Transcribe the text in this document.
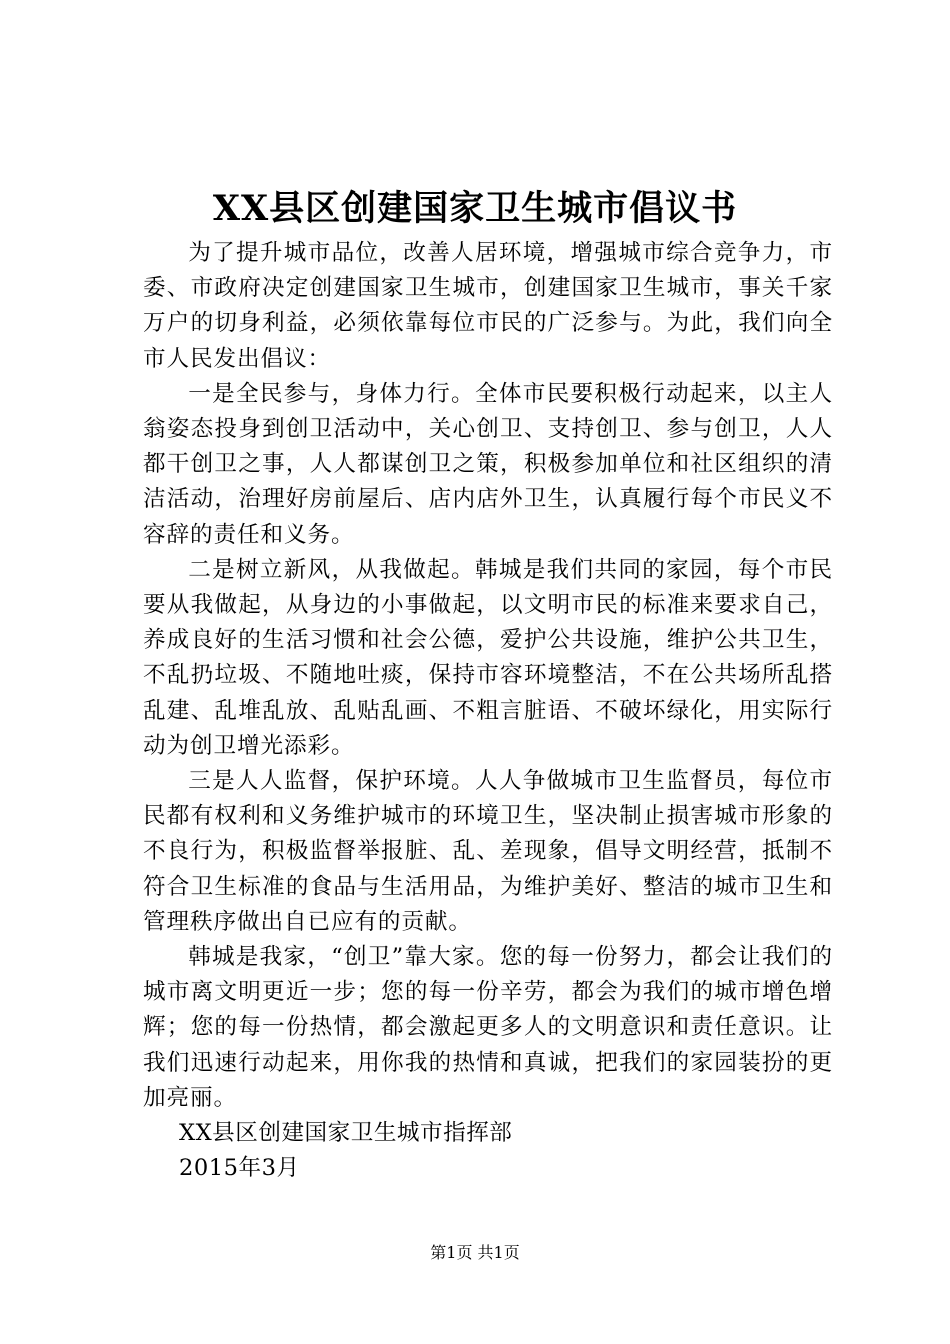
XX县区创建国家卫生城市倡议书

为了提升城市品位，改善人居环境，增强城市综合竞争力，市委、市政府决定创建国家卫生城市，创建国家卫生城市，事关千家万户的切身利益，必须依靠每位市民的广泛参与。为此，我们向全市人民发出倡议：

一是全民参与，身体力行。全体市民要积极行动起来，以主人翁姿态投身到创卫活动中，关心创卫、支持创卫、参与创卫，人人都干创卫之事，人人都谋创卫之策，积极参加单位和社区组织的清洁活动，治理好房前屋后、店内店外卫生，认真履行每个市民义不容辞的责任和义务。

二是树立新风，从我做起。韩城是我们共同的家园，每个市民要从我做起，从身边的小事做起，以文明市民的标准来要求自己，养成良好的生活习惯和社会公德，爱护公共设施，维护公共卫生，不乱扔垃圾、不随地吐痰，保持市容环境整洁，不在公共场所乱搭乱建、乱堆乱放、乱贴乱画、不粗言脏语、不破坏绿化，用实际行动为创卫增光添彩。

三是人人监督，保护环境。人人争做城市卫生监督员，每位市民都有权利和义务维护城市的环境卫生，坚决制止损害城市形象的不良行为，积极监督举报脏、乱、差现象，倡导文明经营，抵制不符合卫生标准的食品与生活用品，为维护美好、整洁的城市卫生和管理秩序做出自已应有的贡献。

韩城是我家，“创卫”靠大家。您的每一份努力，都会让我们的城市离文明更近一步；您的每一份辛劳，都会为我们的城市增色增辉；您的每一份热情，都会激起更多人的文明意识和责任意识。让我们迅速行动起来，用你我的热情和真诚，把我们的家园装扮的更加亮丽。

XX县区创建国家卫生城市指挥部

2015年3月

第1页 共1页
